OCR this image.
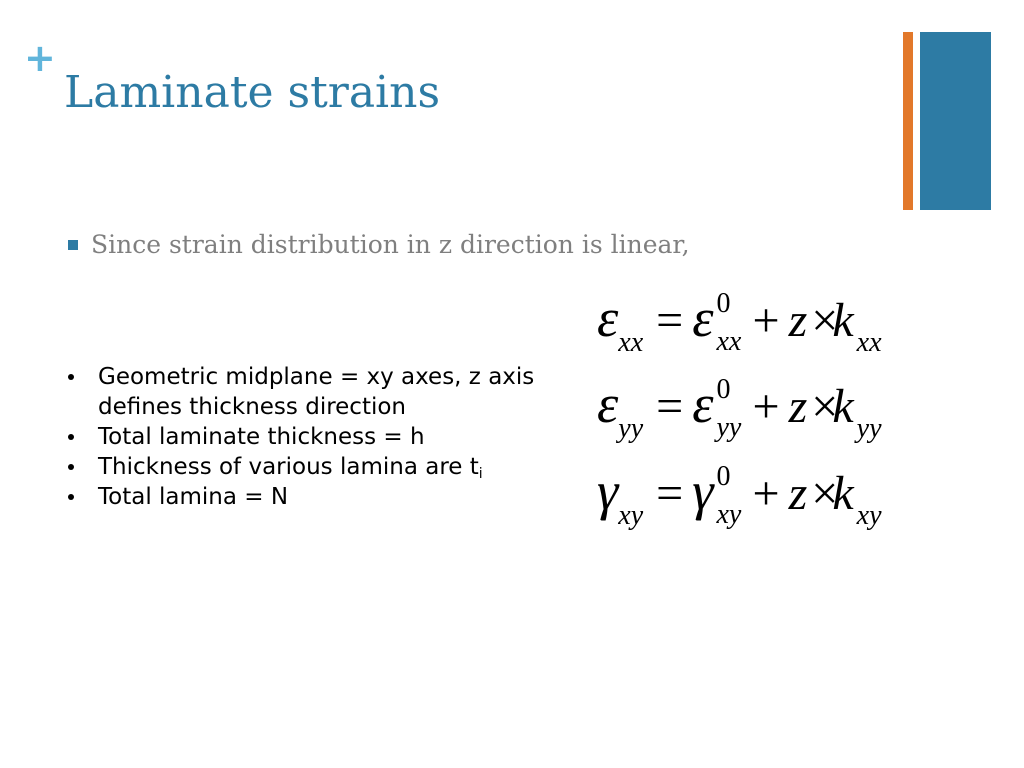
+
Laminate strains
Since strain distribution in z direction is linear,
Geometric midplane = xy axes, z axis defines thickness direction
Total laminate thickness = h
Thickness of various lamina are $t_i$
Total lamina = N
$\varepsilon_{xx} = \varepsilon$ 0
xx + z×k $_{xx}$
$\varepsilon_{yy} = \varepsilon$ 0
yy + z×k $_{yy}$
$\gamma_{xy} = \gamma$ 0
xy + z×k $_{xy}$
